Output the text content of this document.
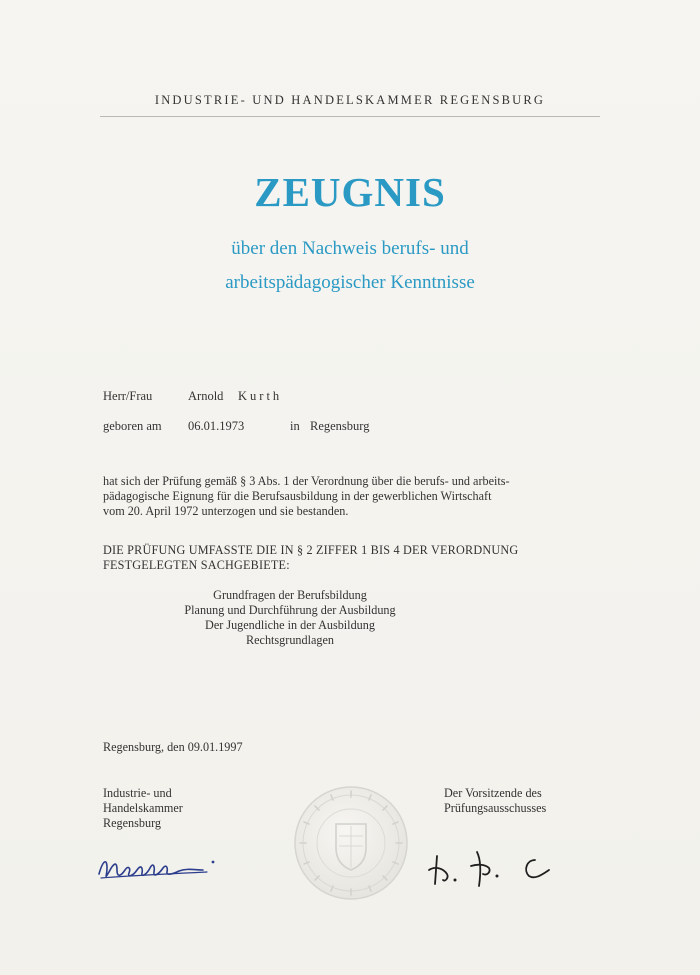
INDUSTRIE- UND HANDELSKAMMER REGENSBURG
ZEUGNIS
über den Nachweis berufs- und
arbeitspädagogischer Kenntnisse
Herr/Frau	Arnold Kurth
geboren am 06.01.1973	in Regensburg
hat sich der Prüfung gemäß § 3 Abs. 1 der Verordnung über die berufs- und arbeits-
pädagogische Eignung für die Berufsausbildung in der gewerblichen Wirtschaft
vom 20. April 1972 unterzogen und sie bestanden.
DIE PRÜFUNG UMFASSTE DIE IN § 2 ZIFFER 1 BIS 4 DER VERORDNUNG
FESTGELEGTEN SACHGEBIETE:
Grundfragen der Berufsbildung
Planung und Durchführung der Ausbildung
Der Jugendliche in der Ausbildung
Rechtsgrundlagen
Regensburg, den 09.01.1997
Industrie- und
Handelskammer
Regensburg
Der Vorsitzende des
Prüfungsausschusses
